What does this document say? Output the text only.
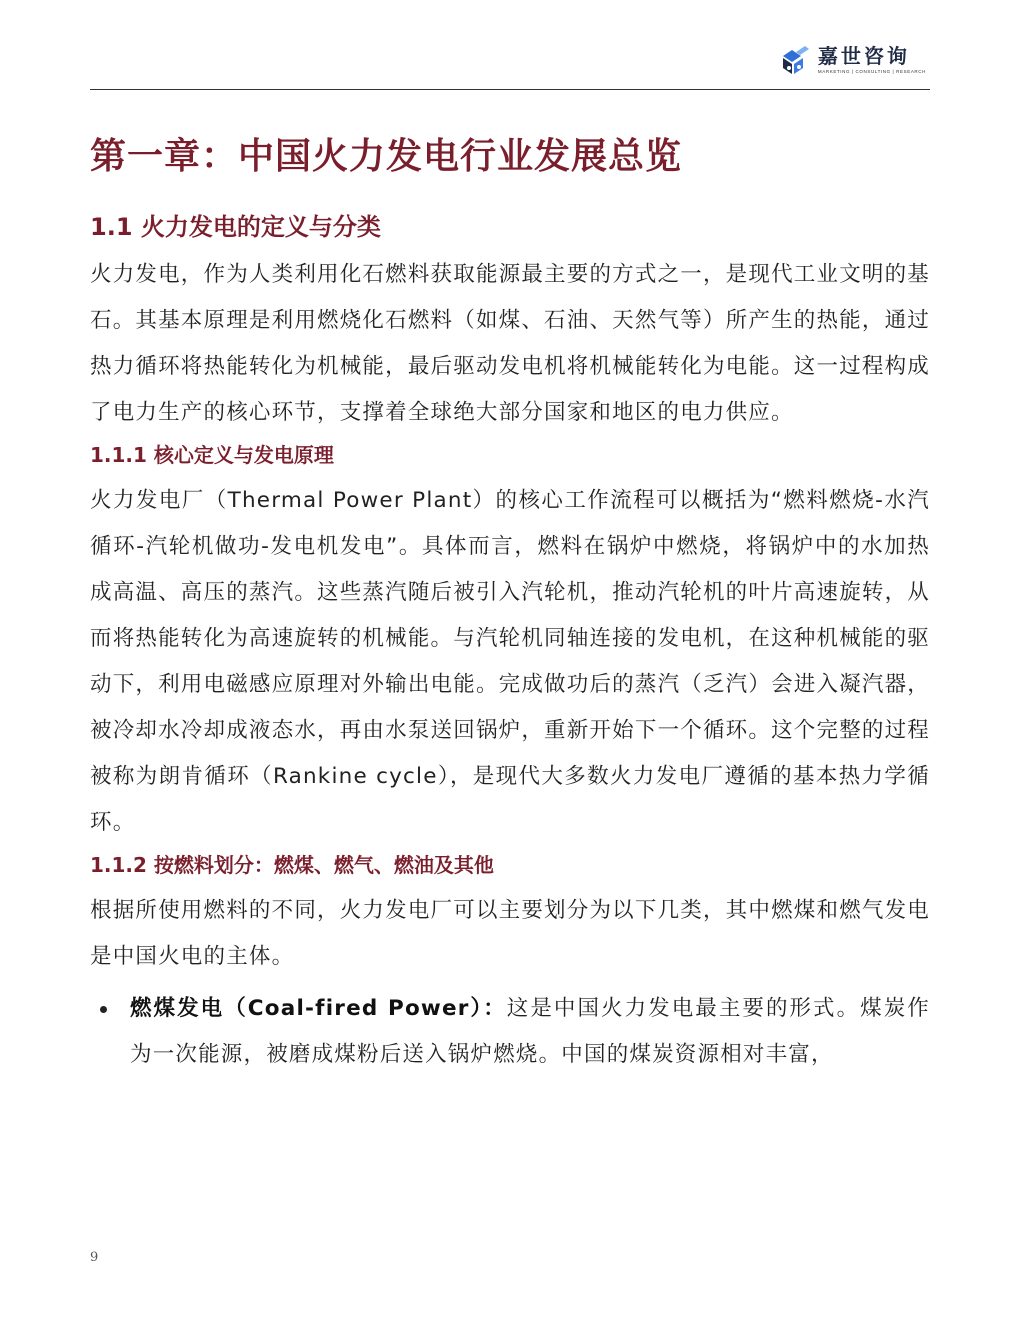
嘉世咨询
MARKETING | CONSULTING | RESEARCH
第一章：中国火力发电行业发展总览
1.1 火力发电的定义与分类

火力发电，作为人类利用化石燃料获取能源最主要的方式之一，是现代工业文明的基石。其基本原理是利用燃烧化石燃料（如煤、石油、天然气等）所产生的热能，通过热力循环将热能转化为机械能，最后驱动发电机将机械能转化为电能。这一过程构成了电力生产的核心环节，支撑着全球绝大部分国家和地区的电力供应。

1.1.1 核心定义与发电原理

火力发电厂（Thermal Power Plant）的核心工作流程可以概括为“燃料燃烧-水汽循环-汽轮机做功-发电机发电”。具体而言，燃料在锅炉中燃烧，将锅炉中的水加热成高温、高压的蒸汽。这些蒸汽随后被引入汽轮机，推动汽轮机的叶片高速旋转，从而将热能转化为高速旋转的机械能。与汽轮机同轴连接的发电机，在这种机械能的驱动下，利用电磁感应原理对外输出电能。完成做功后的蒸汽（乏汽）会进入凝汽器，被冷却水冷却成液态水，再由水泵送回锅炉，重新开始下一个循环。这个完整的过程被称为朗肯循环（Rankine cycle），是现代大多数火力发电厂遵循的基本热力学循环。

1.1.2 按燃料划分：燃煤、燃气、燃油及其他

根据所使用燃料的不同，火力发电厂可以主要划分为以下几类，其中燃煤和燃气发电是中国火电的主体。

燃煤发电（Coal-fired Power）：这是中国火力发电最主要的形式。煤炭作为一次能源，被磨成煤粉后送入锅炉燃烧。中国的煤炭资源相对丰富，
9
